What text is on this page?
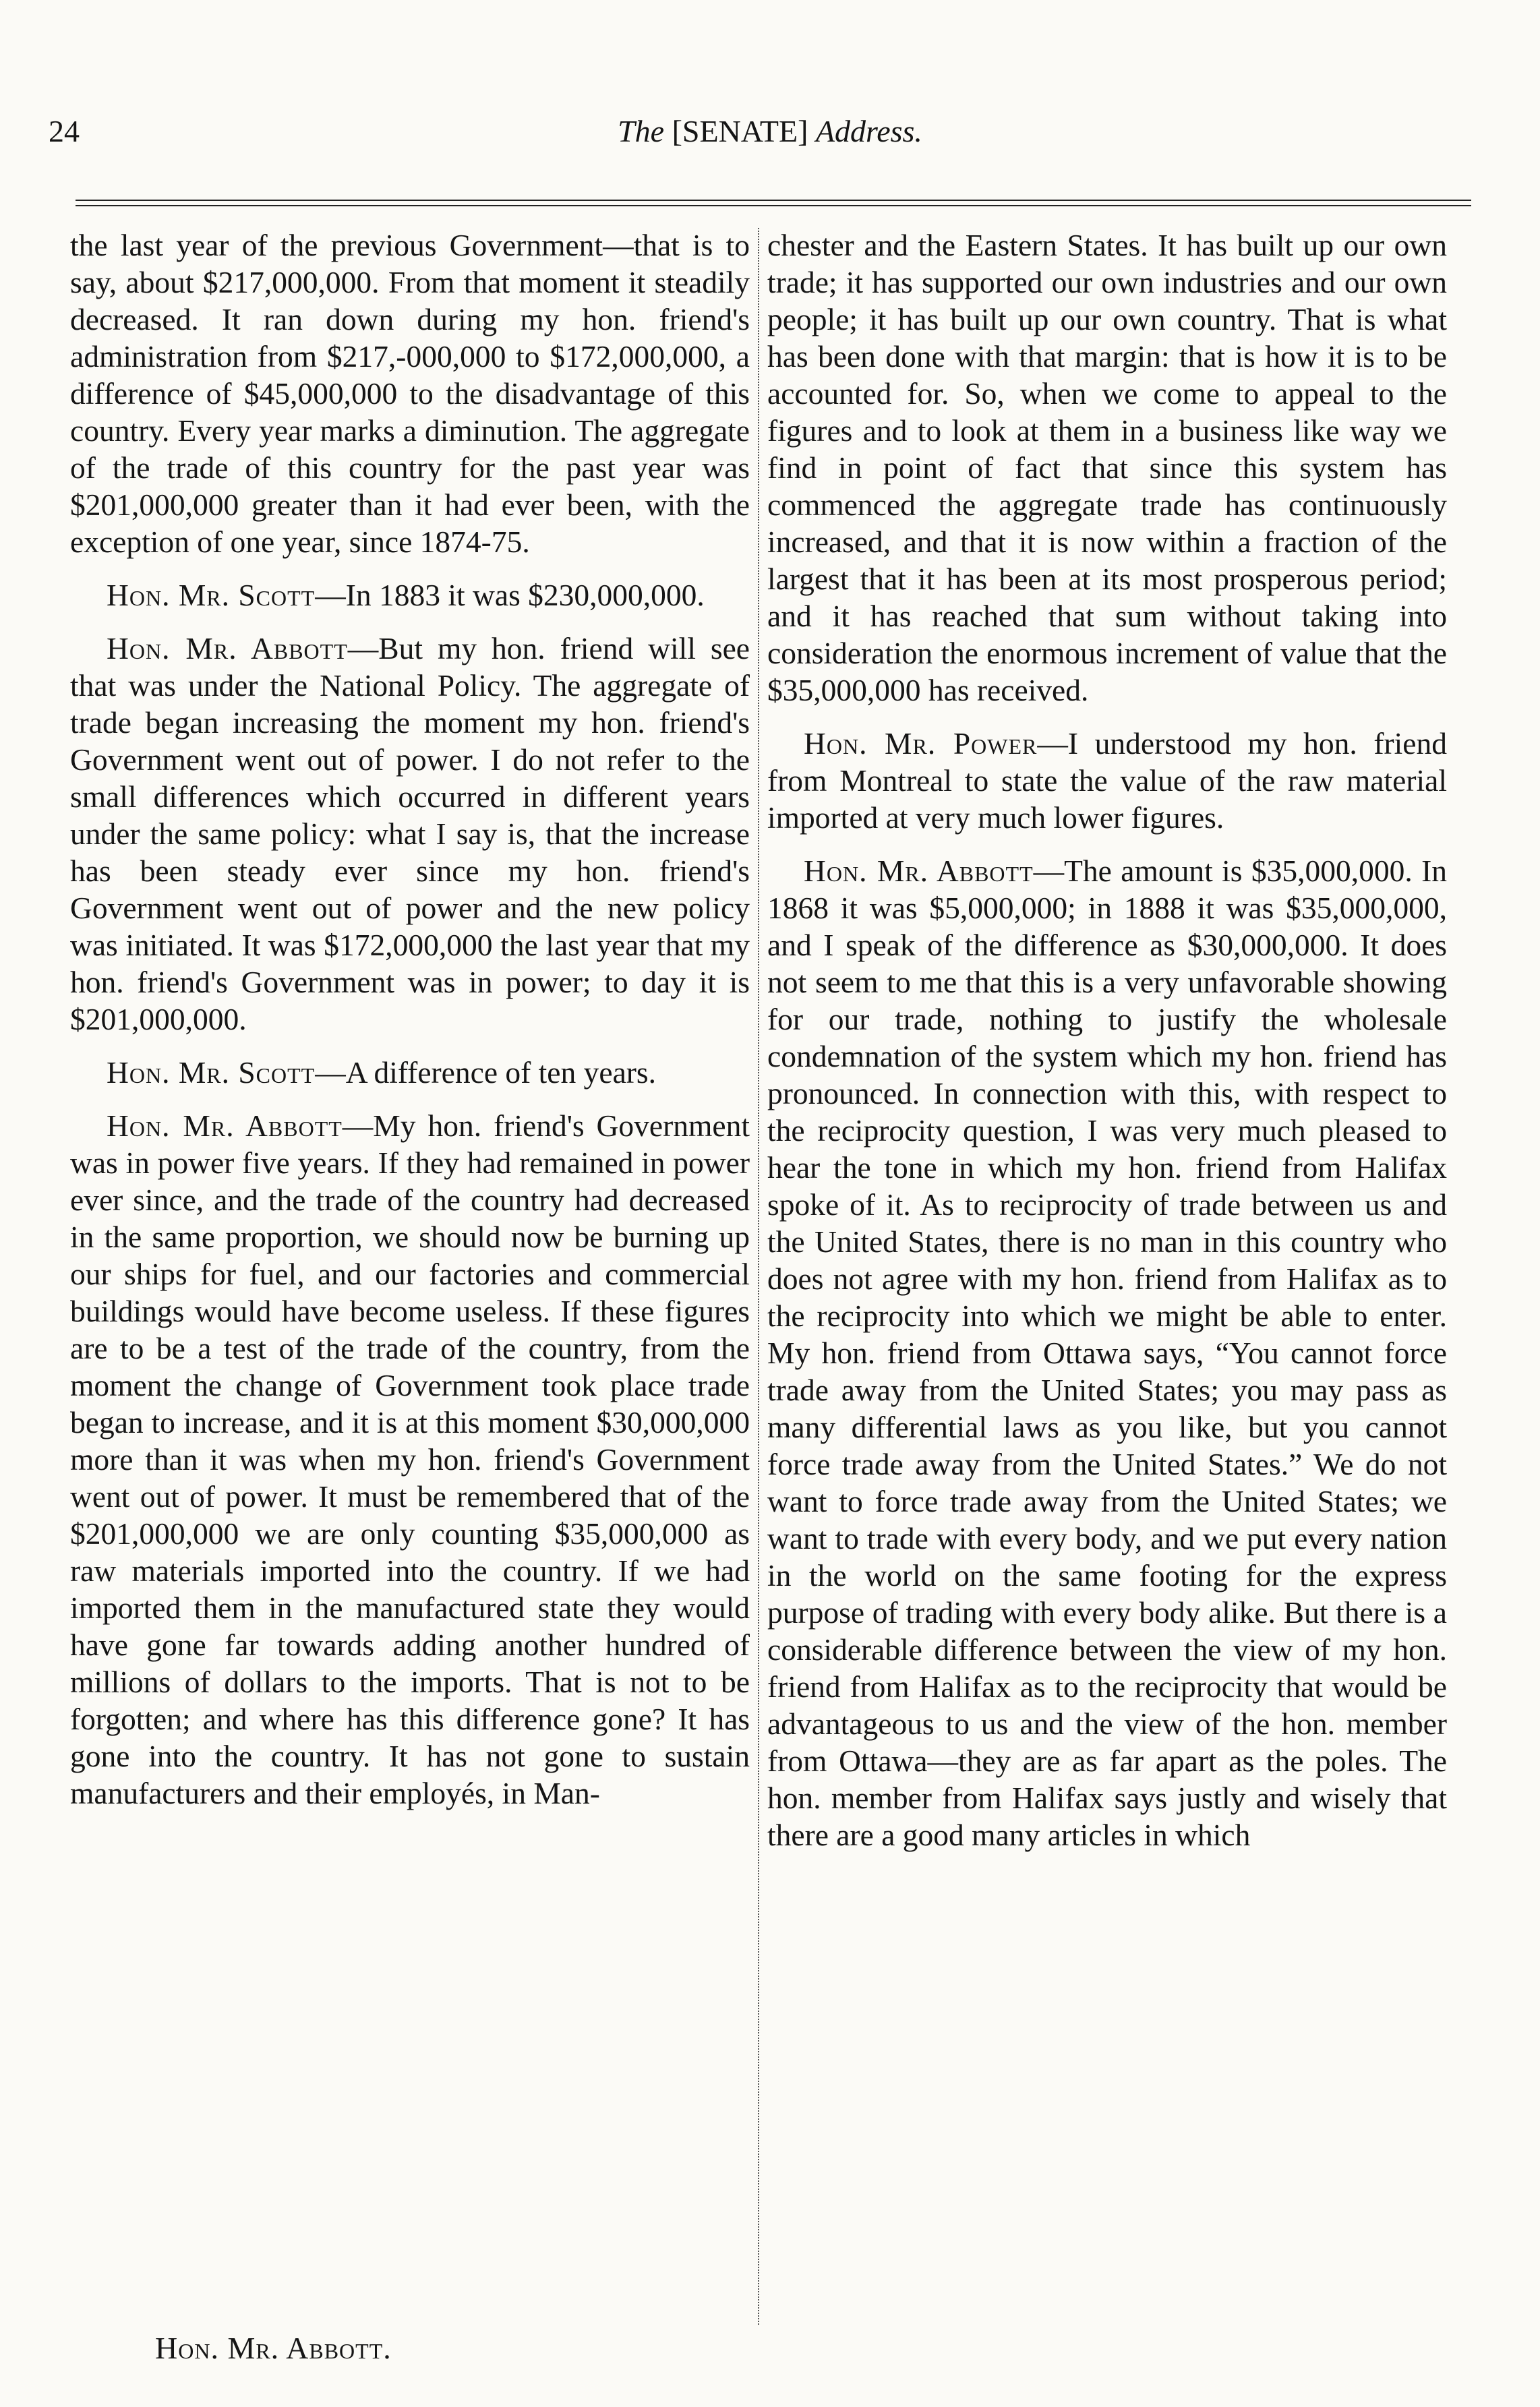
24	The [SENATE] Address.

the last year of the previous Government—that is to say, about $217,000,000. From that moment it steadily decreased. It ran down during my hon. friend's administration from $217,-000,000 to $172,000,000, a difference of $45,000,000 to the disadvantage of this country. Every year marks a diminution. The aggregate of the trade of this country for the past year was $201,000,000 greater than it had ever been, with the exception of one year, since 1874-75.

Hon. Mr. Scott—In 1883 it was $230,000,000.

Hon. Mr. Abbott—But my hon. friend will see that was under the National Policy. The aggregate of trade began increasing the moment my hon. friend's Government went out of power. I do not refer to the small differences which occurred in different years under the same policy: what I say is, that the increase has been steady ever since my hon. friend's Government went out of power and the new policy was initiated. It was $172,000,000 the last year that my hon. friend's Government was in power; to day it is $201,000,000.

Hon. Mr. Scott—A difference of ten years.

Hon. Mr. Abbott—My hon. friend's Government was in power five years. If they had remained in power ever since, and the trade of the country had decreased in the same proportion, we should now be burning up our ships for fuel, and our factories and commercial buildings would have become useless. If these figures are to be a test of the trade of the country, from the moment the change of Government took place trade began to increase, and it is at this moment $30,000,000 more than it was when my hon. friend's Government went out of power. It must be remembered that of the $201,000,000 we are only counting $35,000,000 as raw materials imported into the country. If we had imported them in the manufactured state they would have gone far towards adding another hundred of millions of dollars to the imports. That is not to be forgotten; and where has this difference gone? It has gone into the country. It has not gone to sustain manufacturers and their employés, in Man-

chester and the Eastern States. It has built up our own trade; it has supported our own industries and our own people; it has built up our own country. That is what has been done with that margin: that is how it is to be accounted for. So, when we come to appeal to the figures and to look at them in a business like way we find in point of fact that since this system has commenced the aggregate trade has continuously increased, and that it is now within a fraction of the largest that it has been at its most prosperous period; and it has reached that sum without taking into consideration the enormous increment of value that the $35,000,000 has received.

Hon. Mr. Power—I understood my hon. friend from Montreal to state the value of the raw material imported at very much lower figures.

Hon. Mr. Abbott—The amount is $35,000,000. In 1868 it was $5,000,000; in 1888 it was $35,000,000, and I speak of the difference as $30,000,000. It does not seem to me that this is a very unfavorable showing for our trade, nothing to justify the wholesale condemnation of the system which my hon. friend has pronounced. In connection with this, with respect to the reciprocity question, I was very much pleased to hear the tone in which my hon. friend from Halifax spoke of it. As to reciprocity of trade between us and the United States, there is no man in this country who does not agree with my hon. friend from Halifax as to the reciprocity into which we might be able to enter. My hon. friend from Ottawa says, “You cannot force trade away from the United States; you may pass as many differential laws as you like, but you cannot force trade away from the United States.” We do not want to force trade away from the United States; we want to trade with every body, and we put every nation in the world on the same footing for the express purpose of trading with every body alike. But there is a considerable difference between the view of my hon. friend from Halifax as to the reciprocity that would be advantageous to us and the view of the hon. member from Ottawa—they are as far apart as the poles. The hon. member from Halifax says justly and wisely that there are a good many articles in which

Hon. Mr. Abbott.
